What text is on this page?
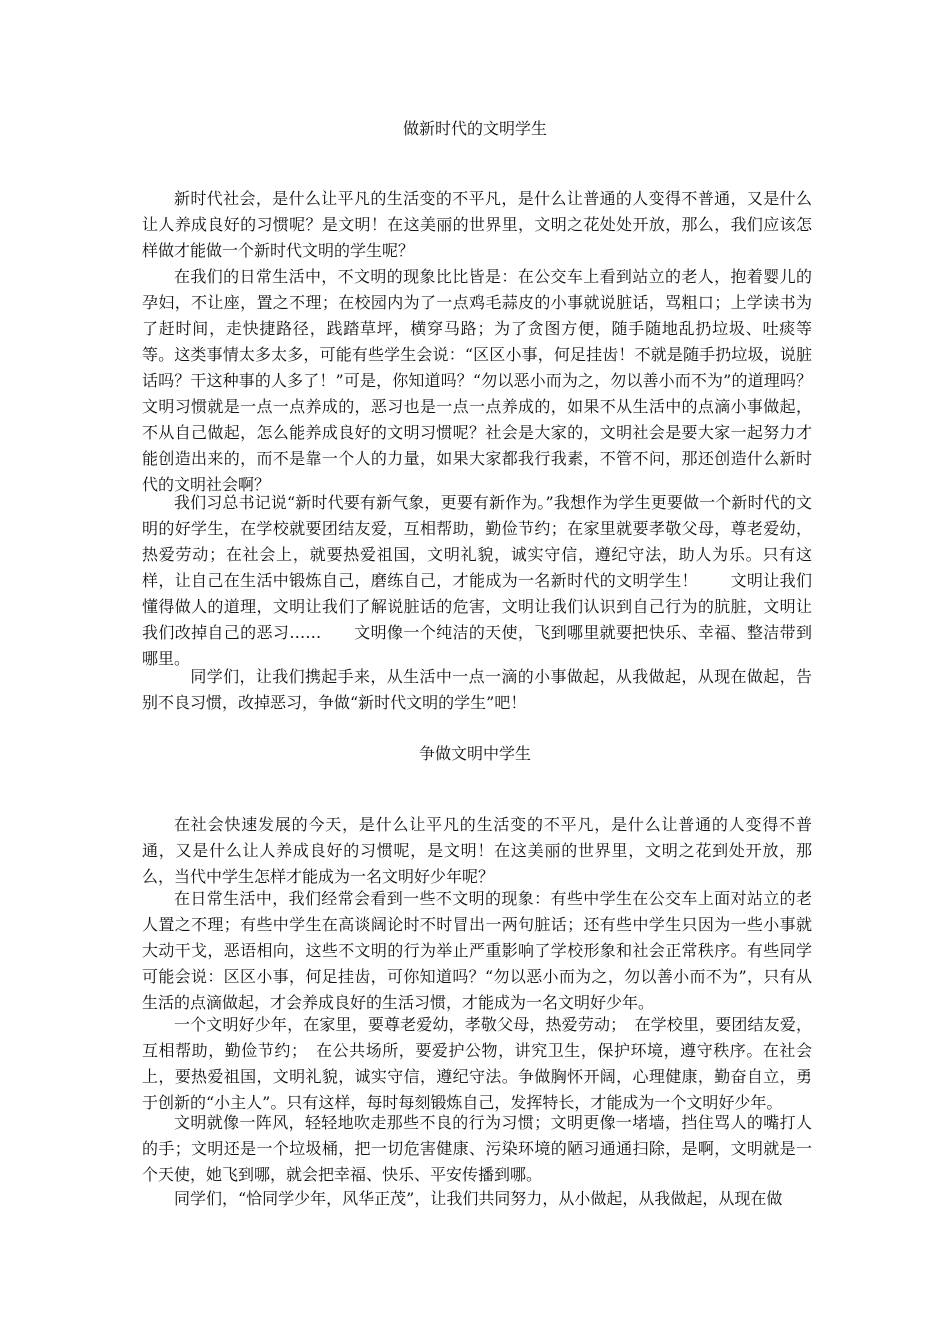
做新时代的文明学生

新时代社会，是什么让平凡的生活变的不平凡，是什么让普通的人变得不普通，又是什么让人养成良好的习惯呢？是文明！在这美丽的世界里，文明之花处处开放，那么，我们应该怎样做才能做一个新时代文明的学生呢？

在我们的日常生活中，不文明的现象比比皆是：在公交车上看到站立的老人，抱着婴儿的孕妇，不让座，置之不理；在校园内为了一点鸡毛蒜皮的小事就说脏话，骂粗口；上学读书为了赶时间，走快捷路径，践踏草坪，横穿马路；为了贪图方便，随手随地乱扔垃圾、吐痰等等。这类事情太多太多，可能有些学生会说：“区区小事，何足挂齿！不就是随手扔垃圾，说脏话吗？干这种事的人多了！”可是，你知道吗？“勿以恶小而为之，勿以善小而不为”的道理吗？文明习惯就是一点一点养成的，恶习也是一点一点养成的，如果不从生活中的点滴小事做起，不从自己做起，怎么能养成良好的文明习惯呢？社会是大家的，文明社会是要大家一起努力才能创造出来的，而不是靠一个人的力量，如果大家都我行我素，不管不问，那还创造什么新时代的文明社会啊？

我们习总书记说“新时代要有新气象，更要有新作为。”我想作为学生更要做一个新时代的文明的好学生，在学校就要团结友爱，互相帮助，勤俭节约；在家里就要孝敬父母，尊老爱幼，热爱劳动；在社会上，就要热爱祖国，文明礼貌，诚实守信，遵纪守法，助人为乐。只有这样，让自己在生活中锻炼自己，磨练自己，才能成为一名新时代的文明学生！　　文明让我们懂得做人的道理，文明让我们了解说脏话的危害，文明让我们认识到自己行为的肮脏，文明让我们改掉自己的恶习……　　文明像一个纯洁的天使，飞到哪里就要把快乐、幸福、整洁带到哪里。

　同学们，让我们携起手来，从生活中一点一滴的小事做起，从我做起，从现在做起，告别不良习惯，改掉恶习，争做“新时代文明的学生”吧！

争做文明中学生

在社会快速发展的今天，是什么让平凡的生活变的不平凡，是什么让普通的人变得不普通，又是什么让人养成良好的习惯呢，是文明！在这美丽的世界里，文明之花到处开放，那么，当代中学生怎样才能成为一名文明好少年呢？

在日常生活中，我们经常会看到一些不文明的现象：有些中学生在公交车上面对站立的老人置之不理；有些中学生在高谈阔论时不时冒出一两句脏话；还有些中学生只因为一些小事就大动干戈，恶语相向，这些不文明的行为举止严重影响了学校形象和社会正常秩序。有些同学可能会说：区区小事，何足挂齿，可你知道吗？“勿以恶小而为之，勿以善小而不为”，只有从生活的点滴做起，才会养成良好的生活习惯，才能成为一名文明好少年。

一个文明好少年，在家里，要尊老爱幼，孝敬父母，热爱劳动；　在学校里，要团结友爱，互相帮助，勤俭节约；　在公共场所，要爱护公物，讲究卫生，保护环境，遵守秩序。在社会上，要热爱祖国，文明礼貌，诚实守信，遵纪守法。争做胸怀开阔，心理健康，勤奋自立，勇于创新的“小主人”。只有这样，每时每刻锻炼自己，发挥特长，才能成为一个文明好少年。

文明就像一阵风，轻轻地吹走那些不良的行为习惯；文明更像一堵墙，挡住骂人的嘴打人的手；文明还是一个垃圾桶，把一切危害健康、污染环境的陋习通通扫除，是啊，文明就是一个天使，她飞到哪，就会把幸福、快乐、平安传播到哪。

同学们，“恰同学少年，风华正茂”，让我们共同努力，从小做起，从我做起，从现在做
